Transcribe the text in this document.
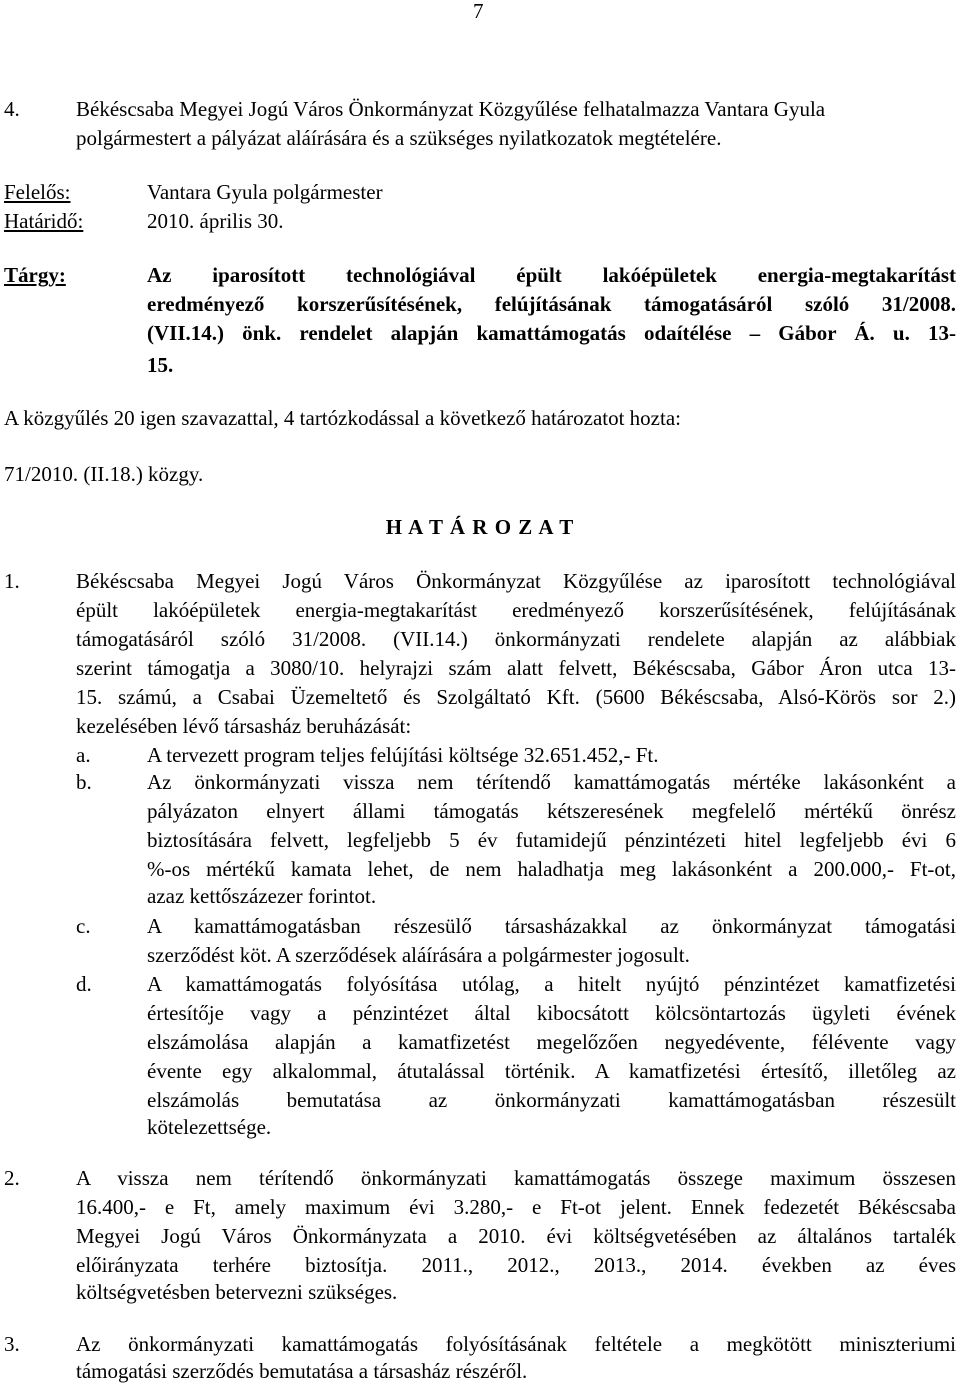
7
4.	Békéscsaba Megyei Jogú Város Önkormányzat Közgyűlése felhatalmazza Vantara Gyula
polgármestert a pályázat aláírására és a szükséges nyilatkozatok megtételére.
Felelős:	Vantara Gyula polgármester
Határidő:	2010. április 30.
Tárgy:	Az iparosított technológiával épült lakóépületek energia-megtakarítást
eredményező korszerűsítésének, felújításának támogatásáról szóló 31/2008.
(VII.14.) önk. rendelet alapján kamattámogatás odaítélése – Gábor Á. u. 13-
15.
A közgyűlés 20 igen szavazattal, 4 tartózkodással a következő határozatot hozta:
71/2010. (II.18.) közgy.
H A T Á R O Z A T
1.	Békéscsaba Megyei Jogú Város Önkormányzat Közgyűlése az iparosított technológiával
épült lakóépületek energia-megtakarítást eredményező korszerűsítésének, felújításának
támogatásáról szóló 31/2008. (VII.14.) önkormányzati rendelete alapján az alábbiak
szerint támogatja a 3080/10. helyrajzi szám alatt felvett, Békéscsaba, Gábor Áron utca 13-
15. számú, a Csabai Üzemeltető és Szolgáltató Kft. (5600 Békéscsaba, Alsó-Körös sor 2.)
kezelésében lévő társasház beruházását:
a.	A tervezett program teljes felújítási költsége 32.651.452,- Ft.
b.	Az önkormányzati vissza nem térítendő kamattámogatás mértéke lakásonként a
pályázaton elnyert állami támogatás kétszeresének megfelelő mértékű önrész
biztosítására felvett, legfeljebb 5 év futamidejű pénzintézeti hitel legfeljebb évi 6
%-os mértékű kamata lehet, de nem haladhatja meg lakásonként a 200.000,- Ft-ot,
azaz kettőszázezer forintot.
c.	A kamattámogatásban részesülő társasházakkal az önkormányzat támogatási
szerződést köt. A szerződések aláírására a polgármester jogosult.
d.	A kamattámogatás folyósítása utólag, a hitelt nyújtó pénzintézet kamatfizetési
értesítője vagy a pénzintézet által kibocsátott kölcsöntartozás ügyleti évének
elszámolása alapján a kamatfizetést megelőzően negyedévente, félévente vagy
évente egy alkalommal, átutalással történik. A kamatfizetési értesítő, illetőleg az
elszámolás bemutatása az önkormányzati kamattámogatásban részesült
kötelezettsége.
2.	A vissza nem térítendő önkormányzati kamattámogatás összege maximum összesen
16.400,- e Ft, amely maximum évi 3.280,- e Ft-ot jelent. Ennek fedezetét Békéscsaba
Megyei Jogú Város Önkormányzata a 2010. évi költségvetésében az általános tartalék
előirányzata terhére biztosítja. 2011., 2012., 2013., 2014. években az éves
költségvetésben betervezni szükséges.
3.	Az önkormányzati kamattámogatás folyósításának feltétele a megkötött miniszteriumi
támogatási szerződés bemutatása a társasház részéről.
